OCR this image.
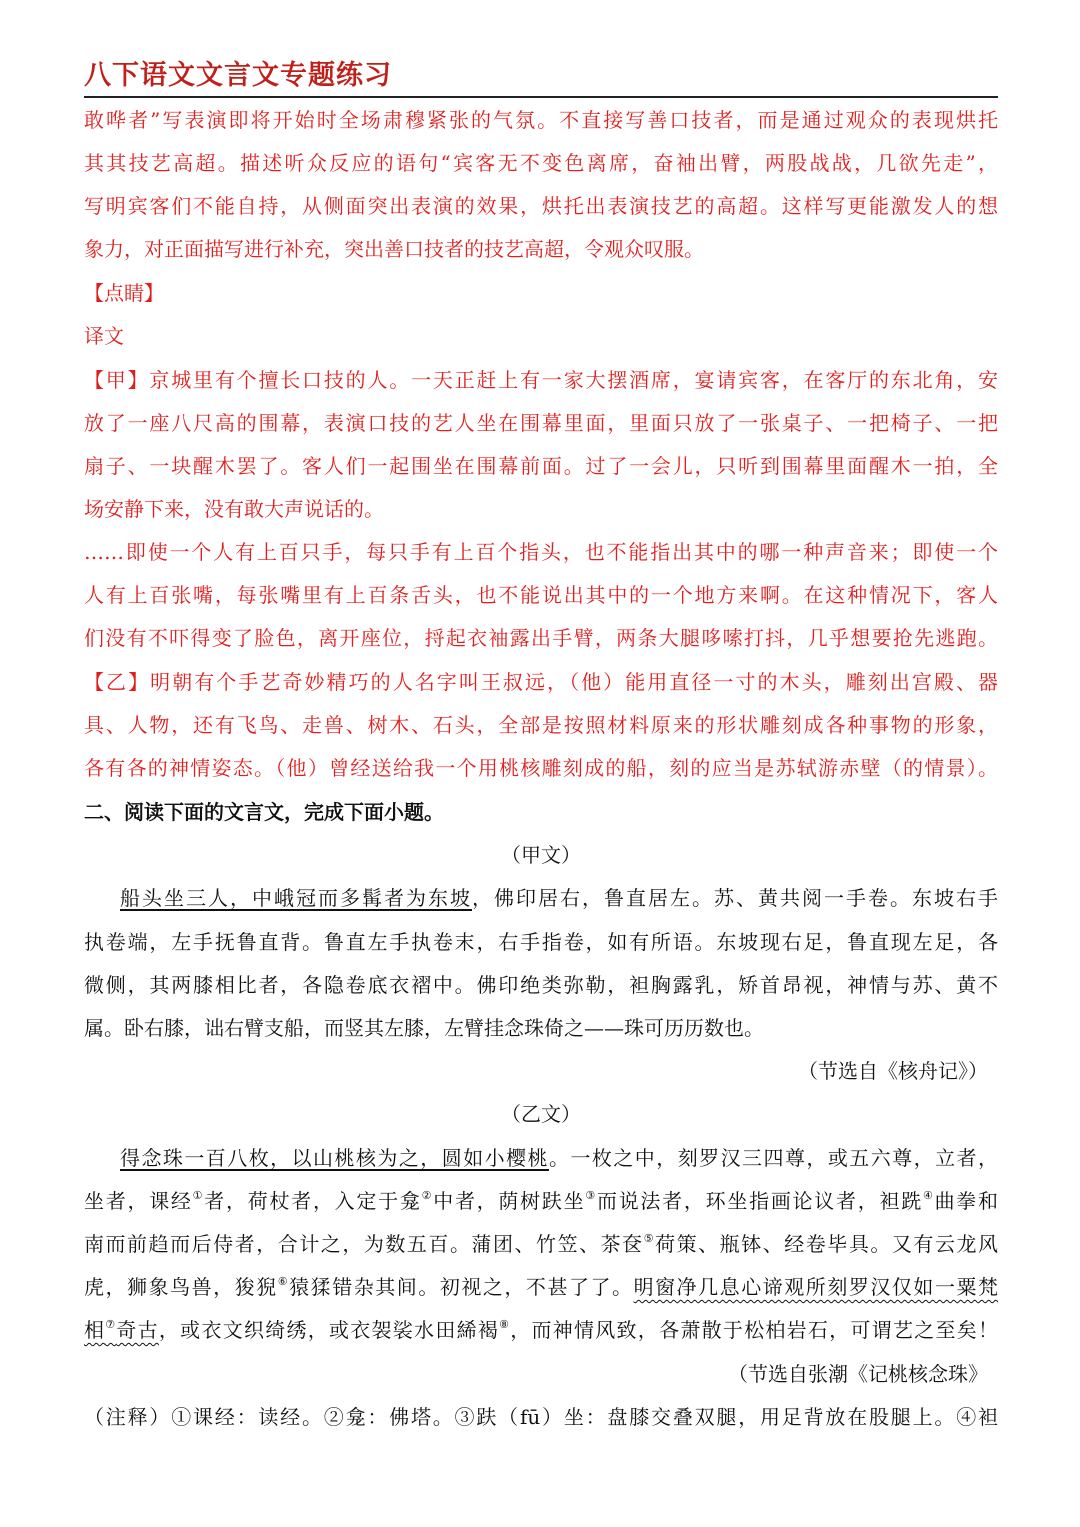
八下语文文言文专题练习

敢哗者”写表演即将开始时全场肃穆紧张的气氛。不直接写善口技者，而是通过观众的表现烘托

其其技艺高超。描述听众反应的语句“宾客无不变色离席，奋袖出臂，两股战战，几欲先走”，

写明宾客们不能自持，从侧面突出表演的效果，烘托出表演技艺的高超。这样写更能激发人的想

象力，对正面描写进行补充，突出善口技者的技艺高超，令观众叹服。

【点睛】

译文

【甲】京城里有个擅长口技的人。一天正赶上有一家大摆酒席，宴请宾客，在客厅的东北角，安

放了一座八尺高的围幕，表演口技的艺人坐在围幕里面，里面只放了一张桌子、一把椅子、一把

扇子、一块醒木罢了。客人们一起围坐在围幕前面。过了一会儿，只听到围幕里面醒木一拍，全

场安静下来，没有敢大声说话的。

……即使一个人有上百只手，每只手有上百个指头，也不能指出其中的哪一种声音来；即使一个

人有上百张嘴，每张嘴里有上百条舌头，也不能说出其中的一个地方来啊。在这种情况下，客人

们没有不吓得变了脸色，离开座位，捋起衣袖露出手臂，两条大腿哆嗦打抖，几乎想要抢先逃跑。

【乙】明朝有个手艺奇妙精巧的人名字叫王叔远，（他）能用直径一寸的木头，雕刻出宫殿、器

具、人物，还有飞鸟、走兽、树木、石头，全部是按照材料原来的形状雕刻成各种事物的形象，

各有各的神情姿态。（他）曾经送给我一个用桃核雕刻成的船，刻的应当是苏轼游赤壁（的情景）。

二、阅读下面的文言文，完成下面小题。

（甲文）

船头坐三人，中峨冠而多髯者为东坡，佛印居右，鲁直居左。苏、黄共阅一手卷。东坡右手

执卷端，左手抚鲁直背。鲁直左手执卷末，右手指卷，如有所语。东坡现右足，鲁直现左足，各

微侧，其两膝相比者，各隐卷底衣褶中。佛印绝类弥勒，袒胸露乳，矫首昂视，神情与苏、黄不

属。卧右膝，诎右臂支船，而竖其左膝，左臂挂念珠倚之——珠可历历数也。

（节选自《核舟记》）

（乙文）

得念珠一百八枚，以山桃核为之，圆如小樱桃。一枚之中，刻罗汉三四尊，或五六尊，立者，

坐者，课经①者，荷杖者，入定于龛②中者，荫树趺坐③而说法者，环坐指画论议者，袒跣④曲拳和

南而前趋而后侍者，合计之，为数五百。蒲团、竹笠、茶奁⑤荷策、瓶钵、经卷毕具。又有云龙风

虎，狮象鸟兽，狻猊⑥猿猱错杂其间。初视之，不甚了了。明窗净几息心谛观所刻罗汉仅如一粟梵

相⑦奇古，或衣文织绮绣，或衣袈裟水田絺褐⑧，而神情风致，各萧散于松柏岩石，可谓艺之至矣！

（节选自张潮《记桃核念珠》

（注释）①课经：读经。②龛：佛塔。③趺（fū）坐：盘膝交叠双腿，用足背放在股腿上。④袒
